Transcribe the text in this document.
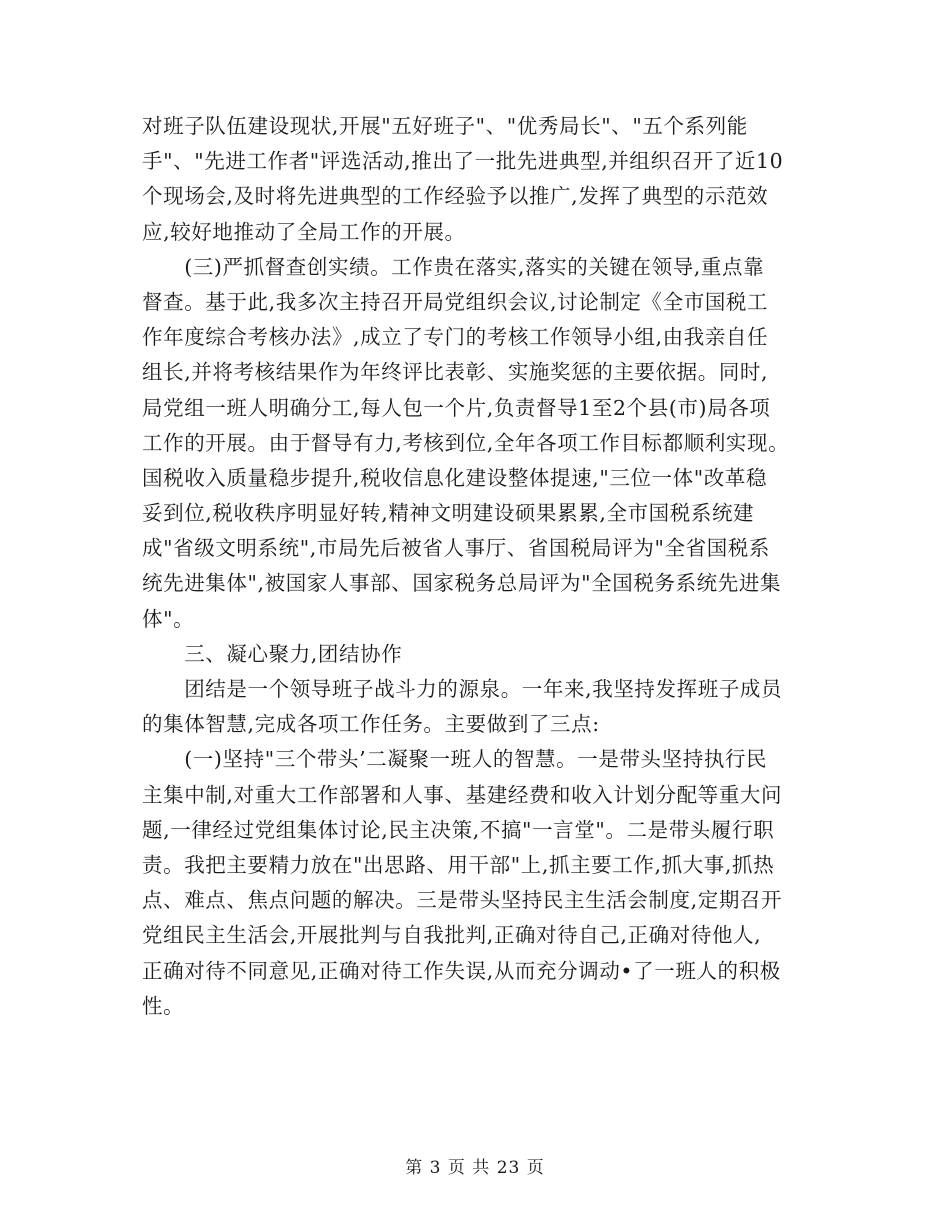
对班子队伍建设现状,开展"五好班子"、"优秀局长"、"五个系列能
手"、"先进工作者"评选活动,推出了一批先进典型,并组织召开了近10
个现场会,及时将先进典型的工作经验予以推广,发挥了典型的示范效
应,较好地推动了全局工作的开展。
　　(三)严抓督查创实绩。工作贵在落实,落实的关键在领导,重点靠
督查。基于此,我多次主持召开局党组织会议,讨论制定《全市国税工
作年度综合考核办法》,成立了专门的考核工作领导小组,由我亲自任
组长,并将考核结果作为年终评比表彰、实施奖惩的主要依据。同时,
局党组一班人明确分工,每人包一个片,负责督导1至2个县(市)局各项
工作的开展。由于督导有力,考核到位,全年各项工作目标都顺利实现。
国税收入质量稳步提升,税收信息化建设整体提速,"三位一体"改革稳
妥到位,税收秩序明显好转,精神文明建设硕果累累,全市国税系统建
成"省级文明系统",市局先后被省人事厅、省国税局评为"全省国税系
统先进集体",被国家人事部、国家税务总局评为"全国税务系统先进集
体"。
　　三、凝心聚力,团结协作
　　团结是一个领导班子战斗力的源泉。一年来,我坚持发挥班子成员
的集体智慧,完成各项工作任务。主要做到了三点:
　　(一)坚持"三个带头’二凝聚一班人的智慧。一是带头坚持执行民
主集中制,对重大工作部署和人事、基建经费和收入计划分配等重大问
题,一律经过党组集体讨论,民主决策,不搞"一言堂"。二是带头履行职
责。我把主要精力放在"出思路、用干部"上,抓主要工作,抓大事,抓热
点、难点、焦点问题的解决。三是带头坚持民主生活会制度,定期召开
党组民主生活会,开展批判与自我批判,正确对待自己,正确对待他人,
正确对待不同意见,正确对待工作失误,从而充分调动•了一班人的积极
性。
第 3 页 共 23 页
